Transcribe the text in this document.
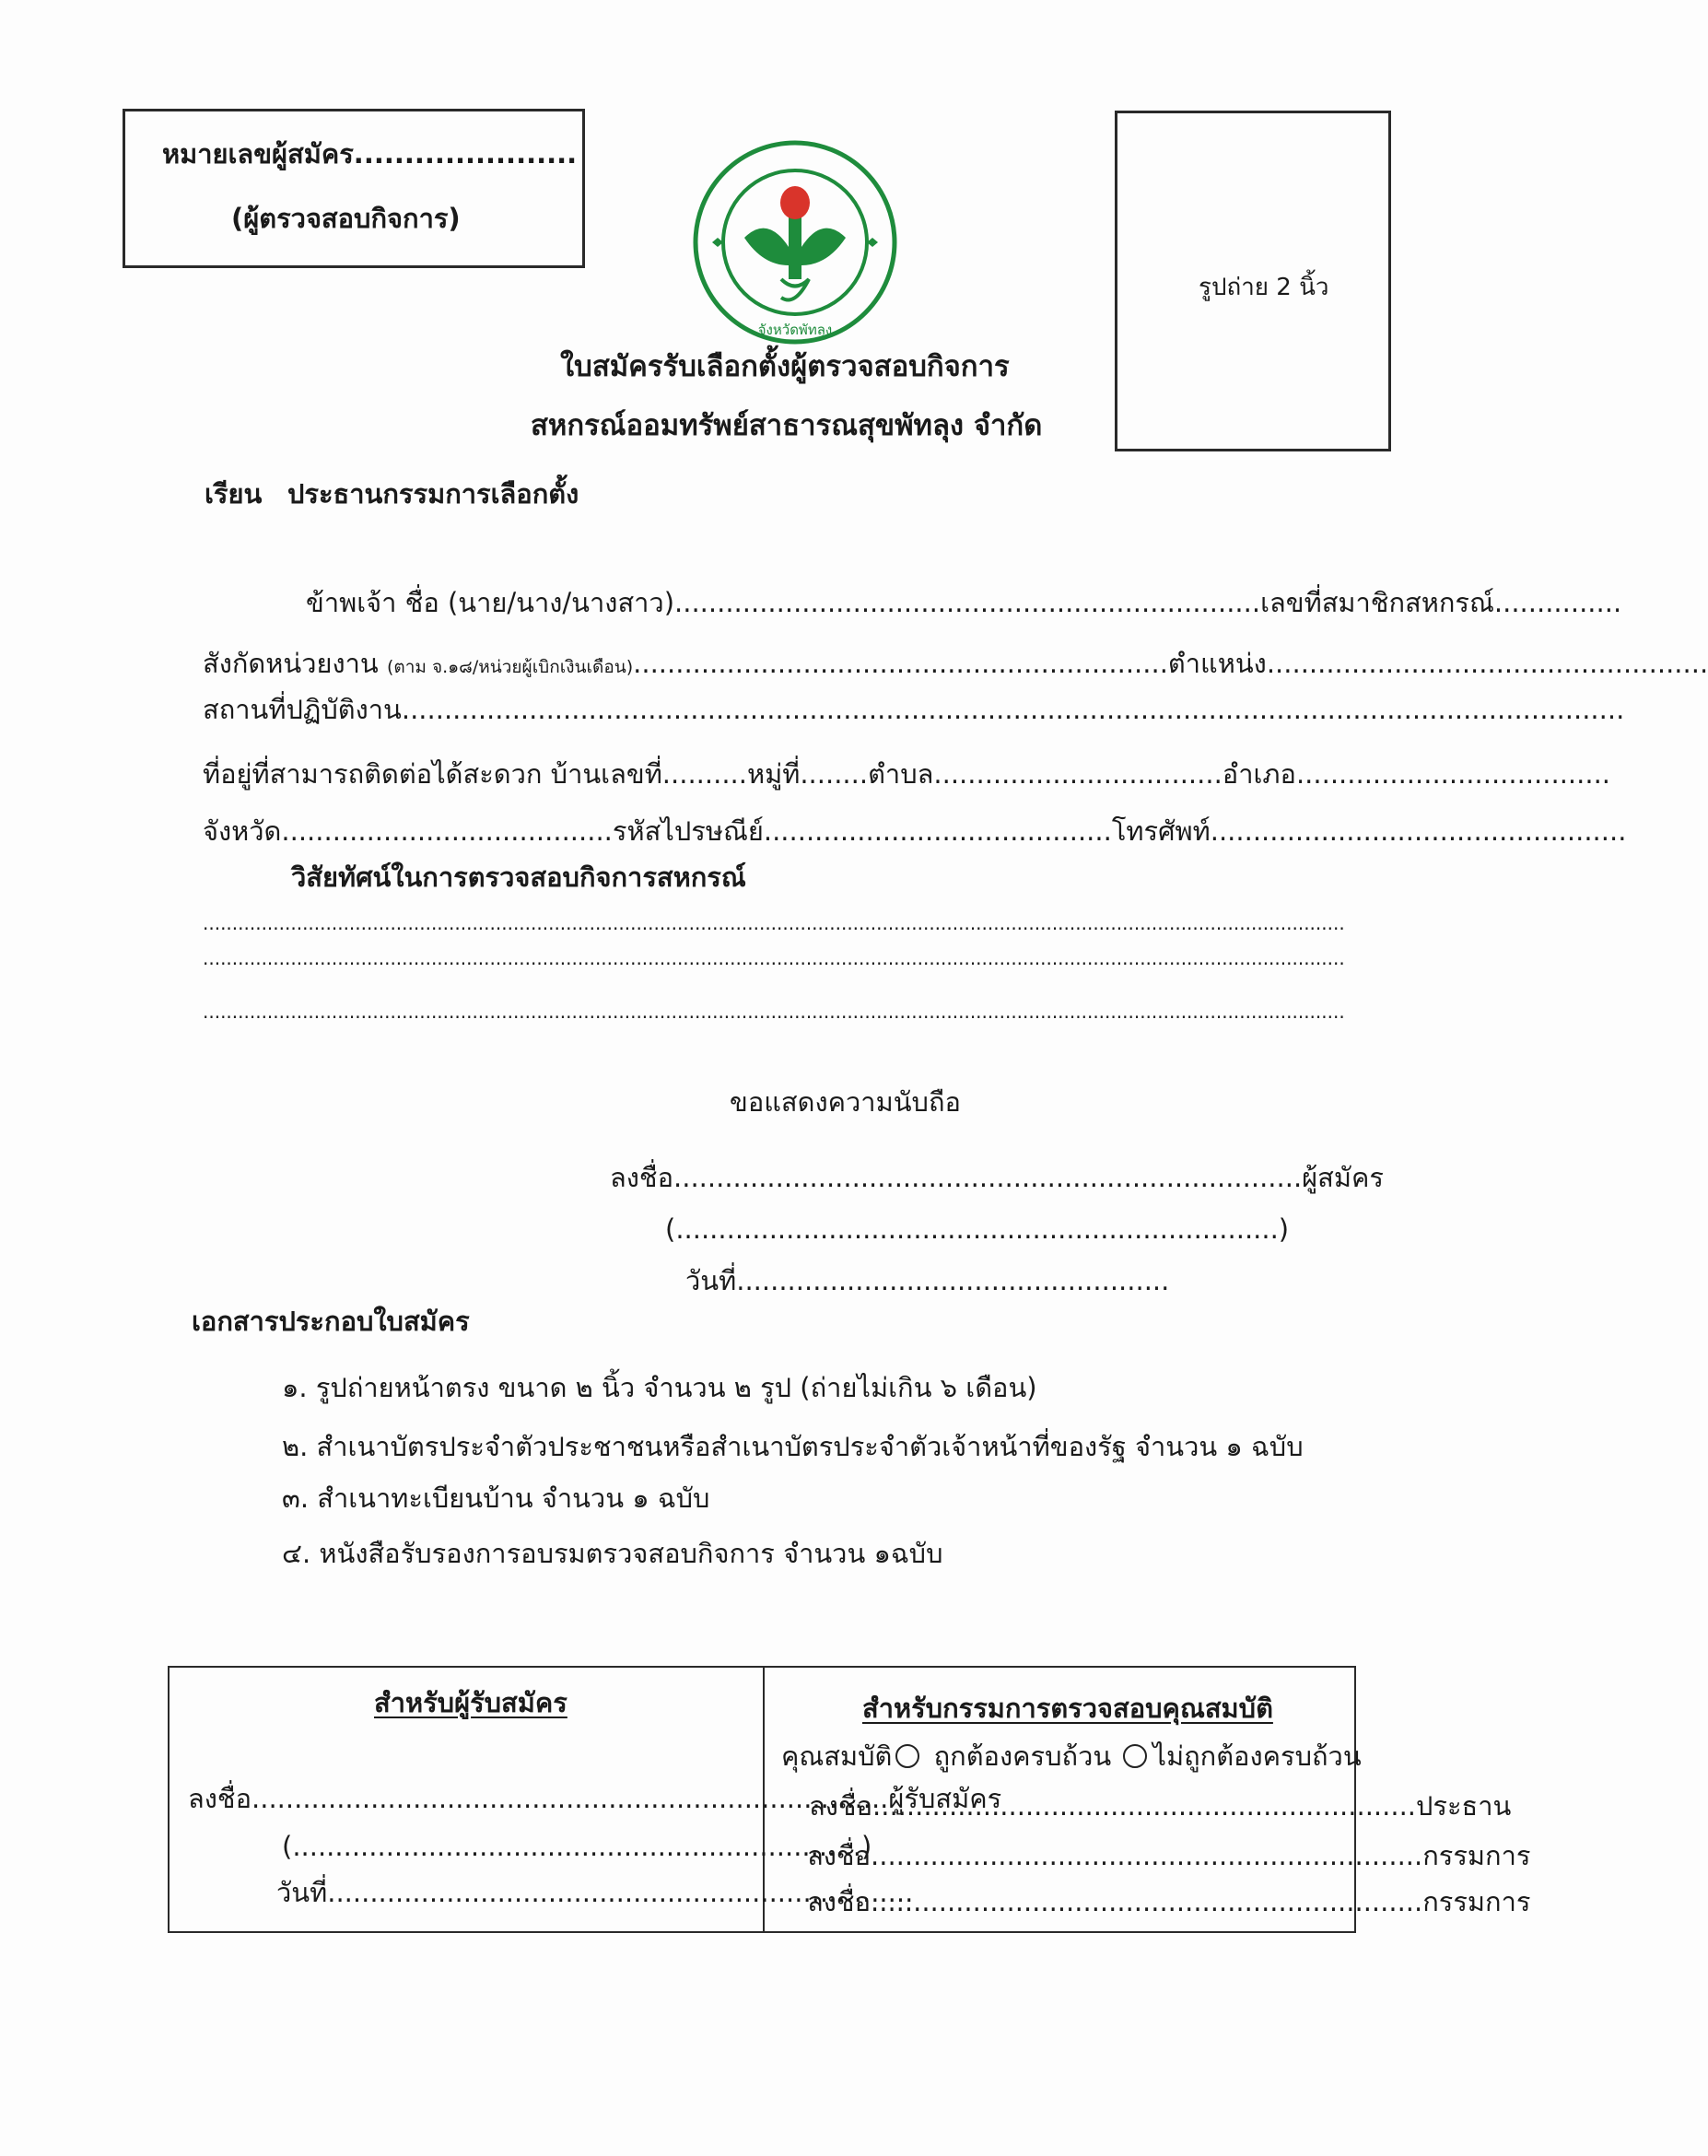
หมายเลขผู้สมัคร......................
(ผู้ตรวจสอบกิจการ)
จังหวัดพัทลุง
รูปถ่าย 2 นิ้ว
ใบสมัครรับเลือกตั้งผู้ตรวจสอบกิจการ
สหกรณ์ออมทรัพย์สาธารณสุขพัทลุง จำกัด
เรียน ประธานกรรมการเลือกตั้ง
ข้าพเจ้า ชื่อ (นาย/นาง/นางสาว).....................................................................เลขที่สมาชิกสหกรณ์...............
สังกัดหน่วยงาน (ตาม จ.๑๘/หน่วยผู้เบิกเงินเดือน)...............................................................ตำแหน่ง....................................................
สถานที่ปฏิบัติงาน................................................................................................................................................
ที่อยู่ที่สามารถติดต่อได้สะดวก บ้านเลขที่..........หมู่ที่........ตำบล..................................อำเภอ.....................................
จังหวัด.......................................รหัสไปรษณีย์.........................................โทรศัพท์.................................................
วิสัยทัศน์ในการตรวจสอบกิจการสหกรณ์
...................................................................................................................................................................................................
...................................................................................................................................................................................................
...................................................................................................................................................................................................
ขอแสดงความนับถือ
ลงชื่อ..........................................................................ผู้สมัคร
(.......................................................................)
วันที่...................................................
เอกสารประกอบใบสมัคร
๑. รูปถ่ายหน้าตรง ขนาด ๒ นิ้ว จำนวน ๒ รูป (ถ่ายไม่เกิน ๖ เดือน)
๒. สำเนาบัตรประจำตัวประชาชนหรือสำเนาบัตรประจำตัวเจ้าหน้าที่ของรัฐ จำนวน ๑ ฉบับ
๓. สำเนาทะเบียนบ้าน จำนวน ๑ ฉบับ
๔. หนังสือรับรองการอบรมตรวจสอบกิจการ จำนวน ๑ฉบับ
สำหรับผู้รับสมัคร
ลงชื่อ...........................................................................ผู้รับสมัคร
(...................................................................)
วันที่.....................................................................
สำหรับกรรมการตรวจสอบคุณสมบัติ
คุณสมบัติ ถูกต้องครบถ้วน ไม่ถูกต้องครบถ้วน
ลงชื่อ................................................................ประธาน
ลงชื่อ.................................................................กรรมการ
ลงชื่อ.................................................................กรรมการ
